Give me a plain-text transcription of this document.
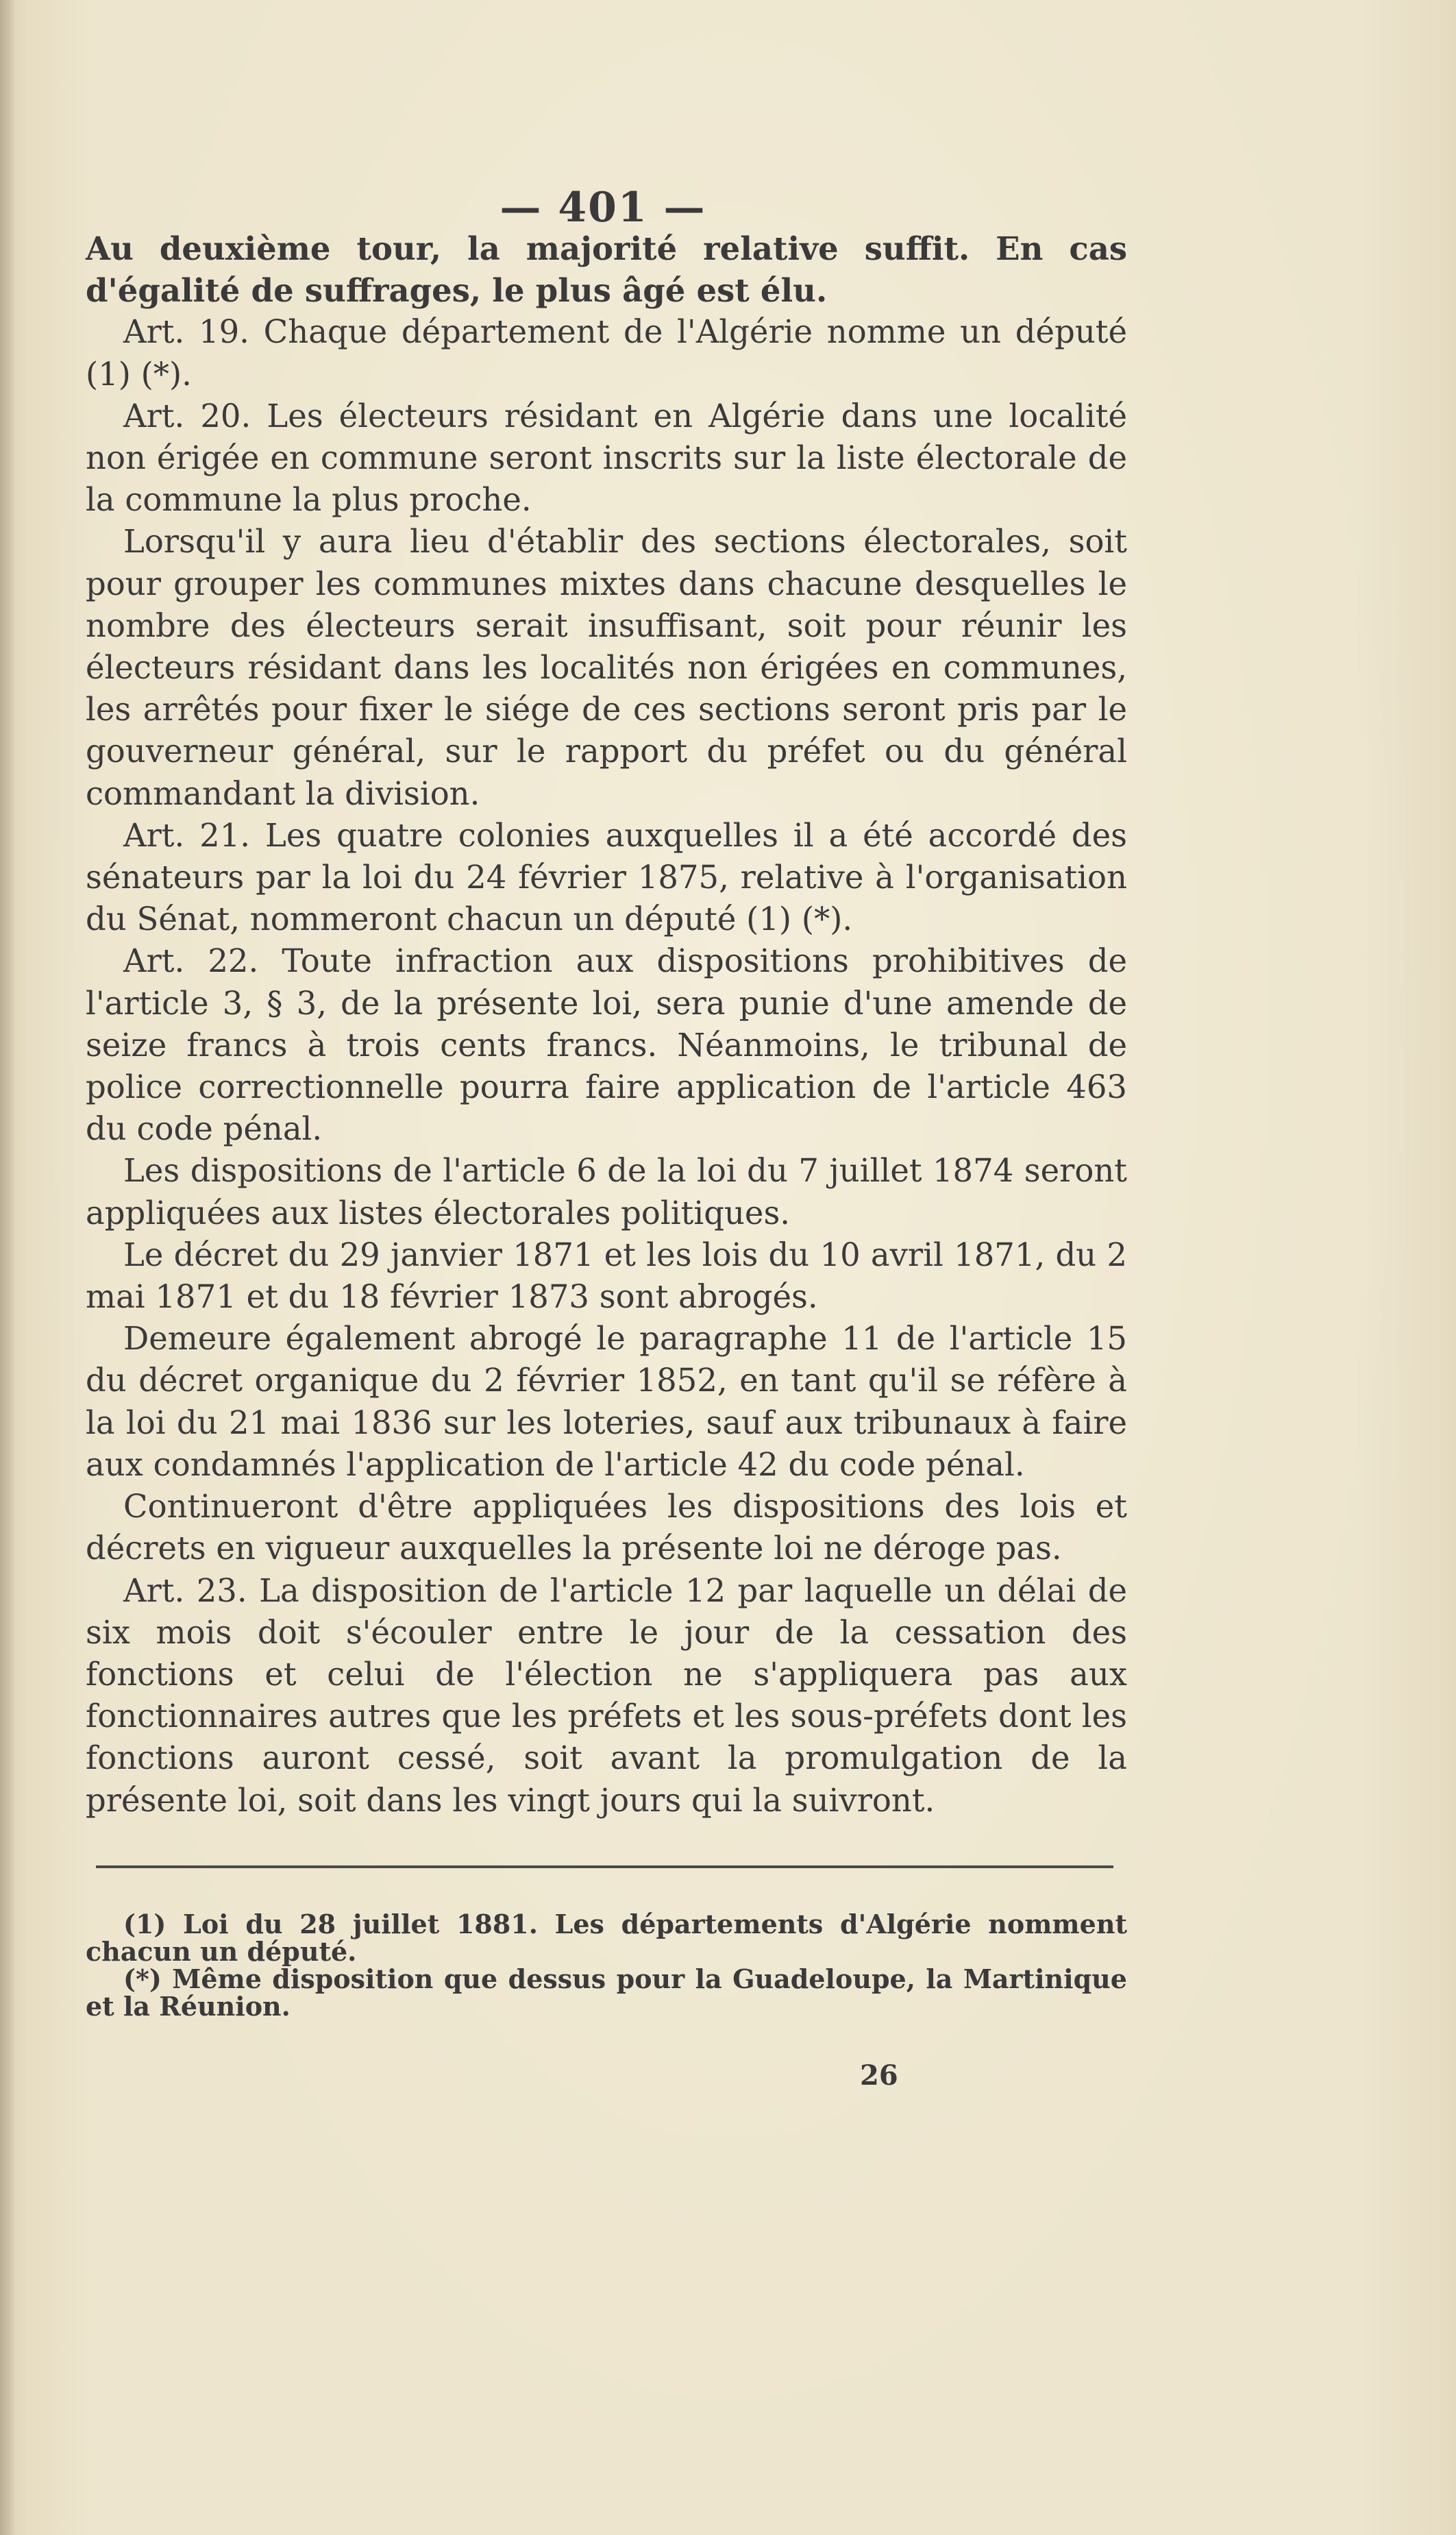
— 401 —

Au deuxième tour, la majorité relative suffit. En cas d'égalité de suffrages, le plus âgé est élu.

Art. 19. Chaque département de l'Algérie nomme un député (1) (*).

Art. 20. Les électeurs résidant en Algérie dans une localité non érigée en commune seront inscrits sur la liste électorale de la commune la plus proche.

Lorsqu'il y aura lieu d'établir des sections électorales, soit pour grouper les communes mixtes dans chacune desquelles le nombre des électeurs serait insuffisant, soit pour réunir les électeurs résidant dans les localités non érigées en communes, les arrêtés pour fixer le siége de ces sections seront pris par le gouverneur général, sur le rapport du préfet ou du général commandant la division.

Art. 21. Les quatre colonies auxquelles il a été accordé des sénateurs par la loi du 24 février 1875, relative à l'organisation du Sénat, nommeront chacun un député (1) (*).

Art. 22. Toute infraction aux dispositions prohibitives de l'article 3, § 3, de la présente loi, sera punie d'une amende de seize francs à trois cents francs. Néanmoins, le tribunal de police correctionnelle pourra faire application de l'article 463 du code pénal.

Les dispositions de l'article 6 de la loi du 7 juillet 1874 seront appliquées aux listes électorales politiques.

Le décret du 29 janvier 1871 et les lois du 10 avril 1871, du 2 mai 1871 et du 18 février 1873 sont abrogés.

Demeure également abrogé le paragraphe 11 de l'article 15 du décret organique du 2 février 1852, en tant qu'il se réfère à la loi du 21 mai 1836 sur les loteries, sauf aux tribunaux à faire aux condamnés l'application de l'article 42 du code pénal.

Continueront d'être appliquées les dispositions des lois et décrets en vigueur auxquelles la présente loi ne déroge pas.

Art. 23. La disposition de l'article 12 par laquelle un délai de six mois doit s'écouler entre le jour de la cessation des fonctions et celui de l'élection ne s'appliquera pas aux fonctionnaires autres que les préfets et les sous-préfets dont les fonctions auront cessé, soit avant la promulgation de la présente loi, soit dans les vingt jours qui la suivront.

(1) Loi du 28 juillet 1881. Les départements d'Algérie nomment chacun un député.

(*) Même disposition que dessus pour la Guadeloupe, la Martinique et la Réunion.

26
